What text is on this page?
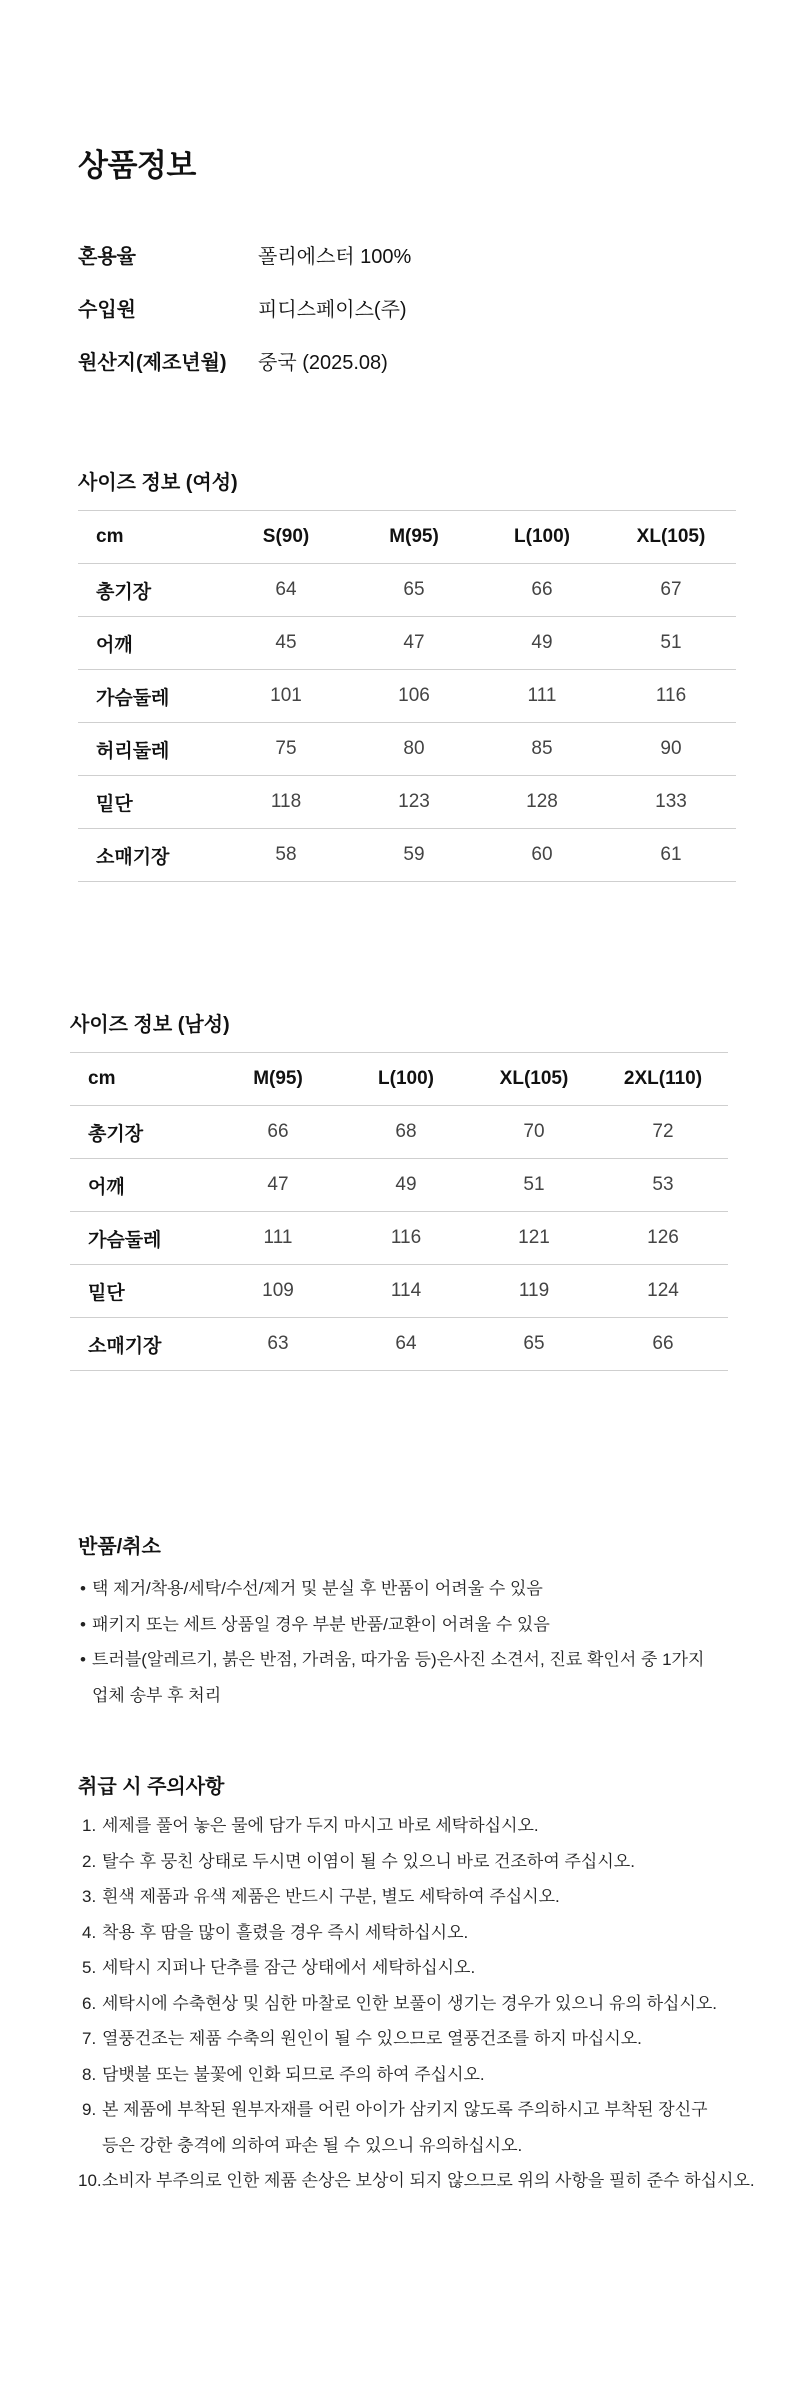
상품정보
혼용율	폴리에스터 100%
수입원	피디스페이스(주)
원산지(제조년월) 중국 (2025.08)
사이즈 정보 (여성)
cm	S(90)	M(95)	L(100)	XL(105)
총기장	64	65	66	67
어깨	45	47	49	51
가슴둘레	101	106	111	116
허리둘레	75	80	85	90
밑단	118	123	128	133
소매기장	58	59	60	61
사이즈 정보 (남성)
cm	M(95)	L(100)	XL(105)	2XL(110)
총기장	66	68	70	72
어깨	47	49	51	53
가슴둘레	111	116	121	126
밑단	109	114	119	124
소매기장	63	64	65	66
반품/취소
• 택 제거/착용/세탁/수선/제거 및 분실 후 반품이 어려울 수 있음
• 패키지 또는 세트 상품일 경우 부분 반품/교환이 어려울 수 있음
• 트러블(알레르기, 붉은 반점, 가려움, 따가움 등)은사진 소견서, 진료 확인서 중 1가지
업체 송부 후 처리
취급 시 주의사항
1. 세제를 풀어 놓은 물에 담가 두지 마시고 바로 세탁하십시오.
2. 탈수 후 뭉친 상태로 두시면 이염이 될 수 있으니 바로 건조하여 주십시오.
3. 흰색 제품과 유색 제품은 반드시 구분, 별도 세탁하여 주십시오.
4. 착용 후 땀을 많이 흘렸을 경우 즉시 세탁하십시오.
5. 세탁시 지퍼나 단추를 잠근 상태에서 세탁하십시오.
6. 세탁시에 수축현상 및 심한 마찰로 인한 보풀이 생기는 경우가 있으니 유의 하십시오.
7. 열풍건조는 제품 수축의 원인이 될 수 있으므로 열풍건조를 하지 마십시오.
8. 담뱃불 또는 불꽃에 인화 되므로 주의 하여 주십시오.
9. 본 제품에 부착된 원부자재를 어린 아이가 삼키지 않도록 주의하시고 부착된 장신구
등은 강한 충격에 의하여 파손 될 수 있으니 유의하십시오.
10. 소비자 부주의로 인한 제품 손상은 보상이 되지 않으므로 위의 사항을 필히 준수 하십시오.
